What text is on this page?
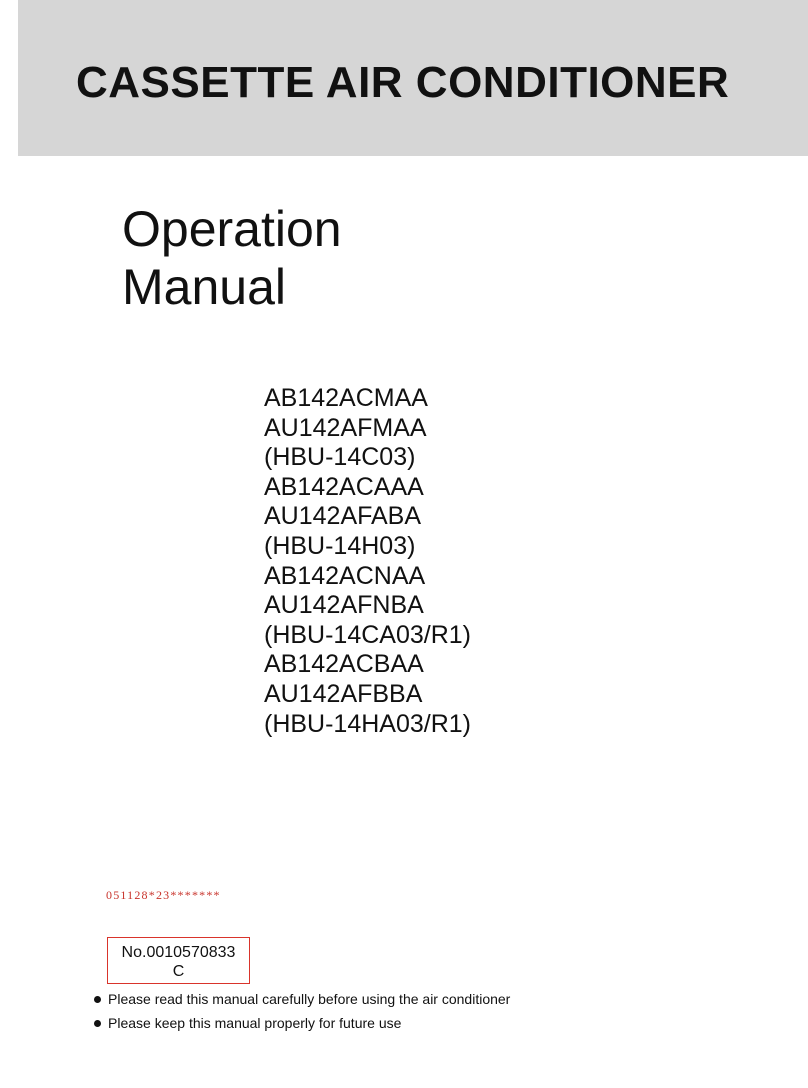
CASSETTE AIR CONDITIONER
Operation
Manual
AB142ACMAA
AU142AFMAA
(HBU-14C03)
AB142ACAAA
AU142AFABA
(HBU-14H03)
AB142ACNAA
AU142AFNBA
(HBU-14CA03/R1)
AB142ACBAA
AU142AFBBA
(HBU-14HA03/R1)
051128*23*******
No.0010570833
C
Please read this manual carefully before using the air conditioner
Please keep this manual properly for future use
